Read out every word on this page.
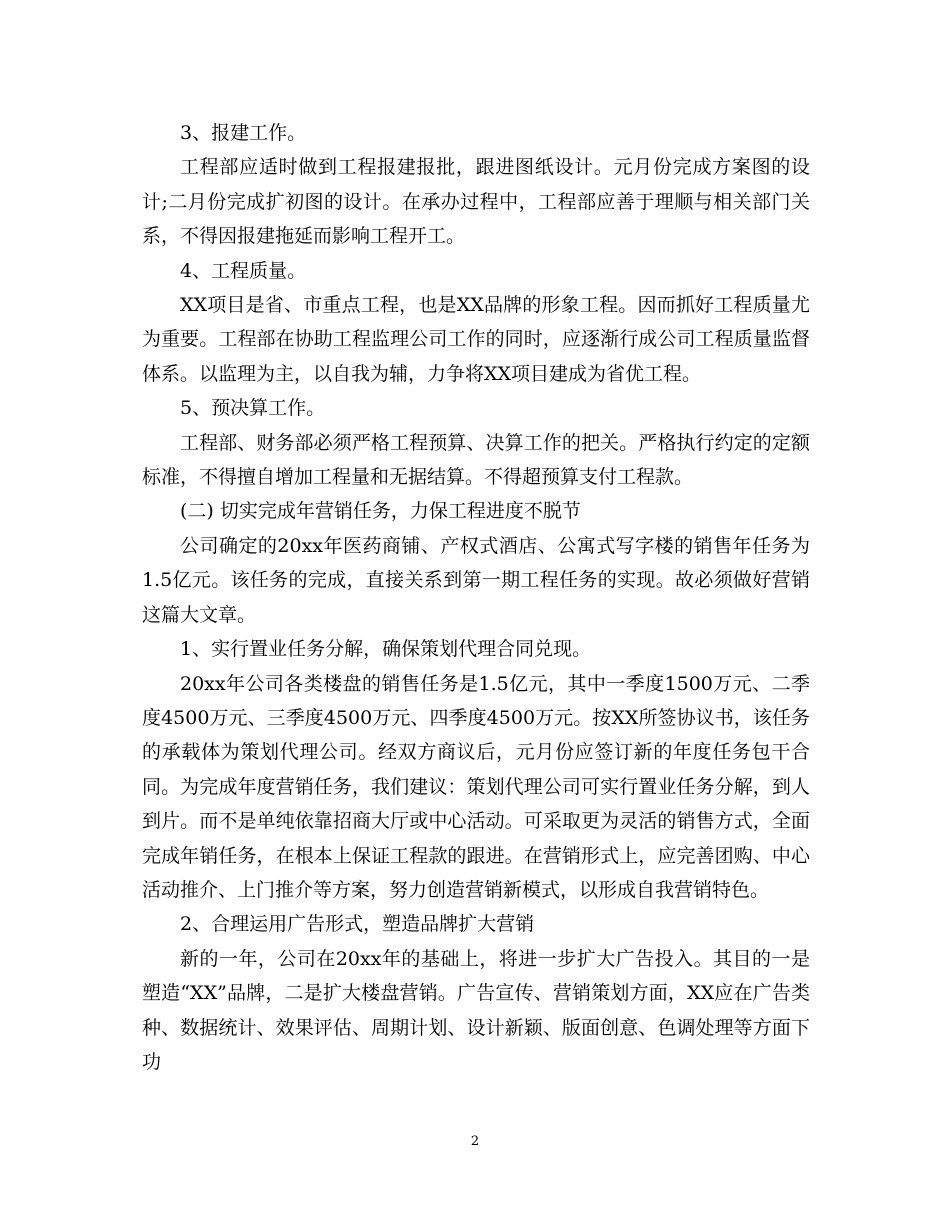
3、报建工作。

工程部应适时做到工程报建报批，跟进图纸设计。元月份完成方案图的设计;二月份完成扩初图的设计。在承办过程中，工程部应善于理顺与相关部门关系，不得因报建拖延而影响工程开工。

4、工程质量。

XX项目是省、市重点工程，也是XX品牌的形象工程。因而抓好工程质量尤为重要。工程部在协助工程监理公司工作的同时，应逐渐行成公司工程质量监督体系。以监理为主，以自我为辅，力争将XX项目建成为省优工程。

5、预决算工作。

工程部、财务部必须严格工程预算、决算工作的把关。严格执行约定的定额标准，不得擅自增加工程量和无据结算。不得超预算支付工程款。

(二) 切实完成年营销任务，力保工程进度不脱节

公司确定的20xx年医药商铺、产权式酒店、公寓式写字楼的销售年任务为1.5亿元。该任务的完成，直接关系到第一期工程任务的实现。故必须做好营销这篇大文章。

1、实行置业任务分解，确保策划代理合同兑现。

20xx年公司各类楼盘的销售任务是1.5亿元，其中一季度1500万元、二季度4500万元、三季度4500万元、四季度4500万元。按XX所签协议书，该任务的承载体为策划代理公司。经双方商议后，元月份应签订新的年度任务包干合同。为完成年度营销任务，我们建议：策划代理公司可实行置业任务分解，到人到片。而不是单纯依靠招商大厅或中心活动。可采取更为灵活的销售方式，全面完成年销任务，在根本上保证工程款的跟进。在营销形式上，应完善团购、中心活动推介、上门推介等方案，努力创造营销新模式，以形成自我营销特色。

2、合理运用广告形式，塑造品牌扩大营销

新的一年，公司在20xx年的基础上，将进一步扩大广告投入。其目的一是塑造“XX”品牌，二是扩大楼盘营销。广告宣传、营销策划方面，XX应在广告类种、数据统计、效果评估、周期计划、设计新颖、版面创意、色调处理等方面下功

2
